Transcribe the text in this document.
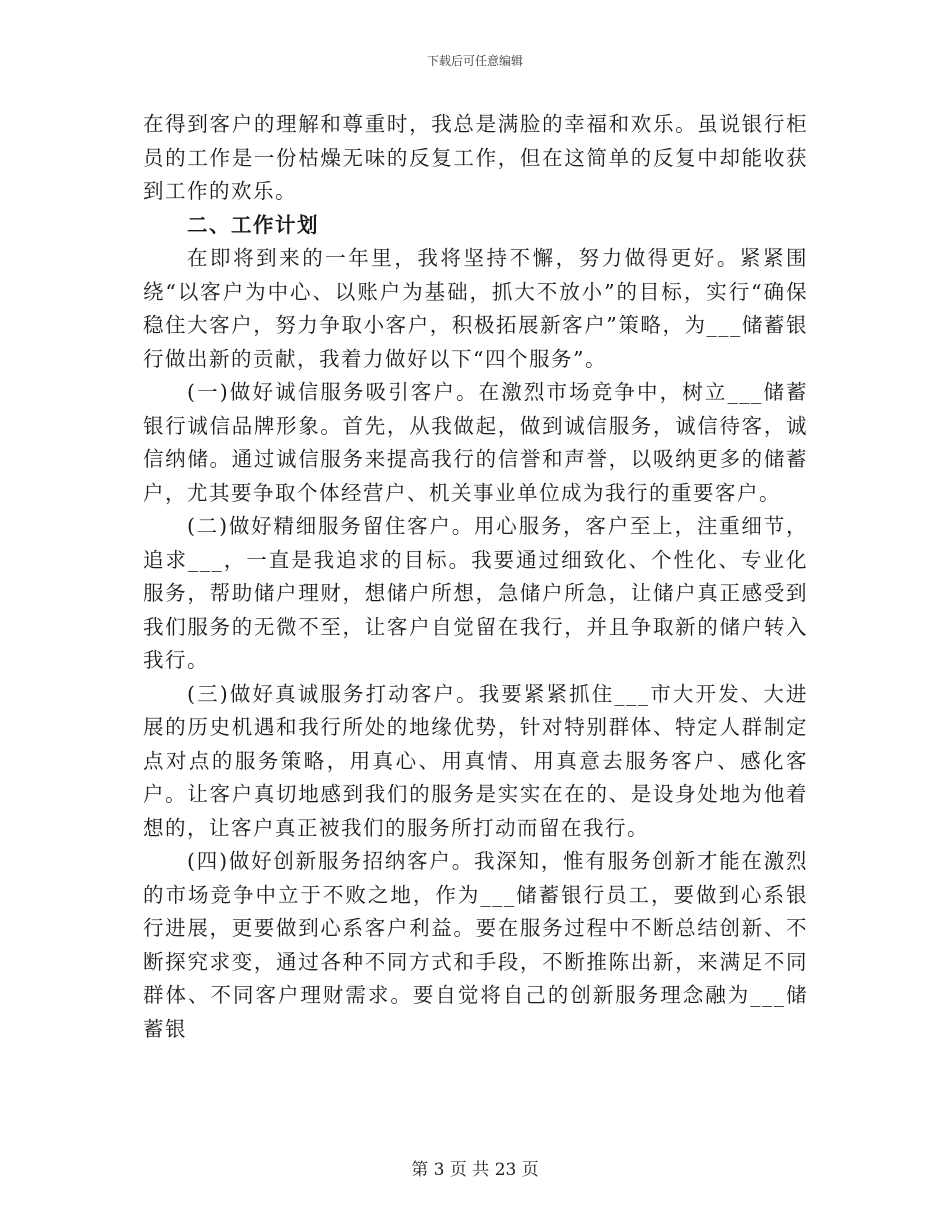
下载后可任意编辑

在得到客户的理解和尊重时，我总是满脸的幸福和欢乐。虽说银行柜员的工作是一份枯燥无味的反复工作，但在这简单的反复中却能收获到工作的欢乐。

二、工作计划

在即将到来的一年里，我将坚持不懈，努力做得更好。紧紧围绕“以客户为中心、以账户为基础，抓大不放小”的目标，实行“确保稳住大客户，努力争取小客户，积极拓展新客户”策略，为___储蓄银行做出新的贡献，我着力做好以下“四个服务”。

(一)做好诚信服务吸引客户。在激烈市场竞争中，树立___储蓄银行诚信品牌形象。首先，从我做起，做到诚信服务，诚信待客，诚信纳储。通过诚信服务来提高我行的信誉和声誉，以吸纳更多的储蓄户，尤其要争取个体经营户、机关事业单位成为我行的重要客户。

(二)做好精细服务留住客户。用心服务，客户至上，注重细节，追求___，一直是我追求的目标。我要通过细致化、个性化、专业化服务，帮助储户理财，想储户所想，急储户所急，让储户真正感受到我们服务的无微不至，让客户自觉留在我行，并且争取新的储户转入我行。

(三)做好真诚服务打动客户。我要紧紧抓住___市大开发、大进展的历史机遇和我行所处的地缘优势，针对特别群体、特定人群制定点对点的服务策略，用真心、用真情、用真意去服务客户、感化客户。让客户真切地感到我们的服务是实实在在的、是设身处地为他着想的，让客户真正被我们的服务所打动而留在我行。

(四)做好创新服务招纳客户。我深知，惟有服务创新才能在激烈的市场竞争中立于不败之地，作为___储蓄银行员工，要做到心系银行进展，更要做到心系客户利益。要在服务过程中不断总结创新、不断探究求变，通过各种不同方式和手段，不断推陈出新，来满足不同群体、不同客户理财需求。要自觉将自己的创新服务理念融为___储蓄银

第 3 页 共 23 页
